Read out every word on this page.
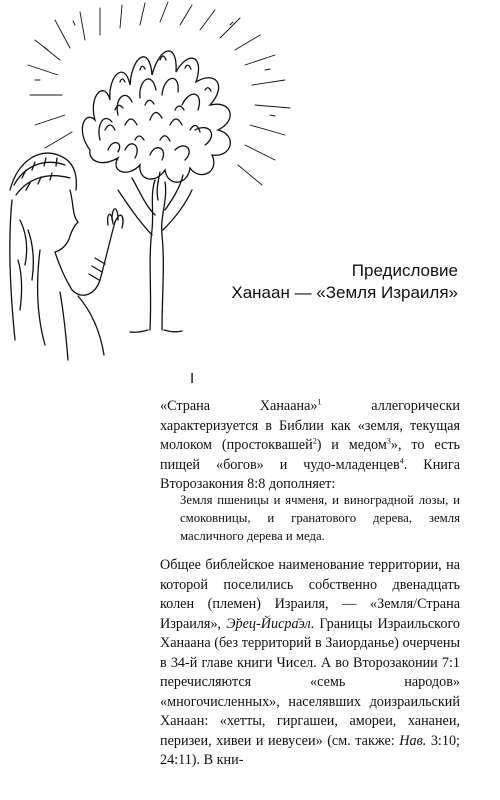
Предисловие
Ханаан — «Земля Израиля»
I

«Страна Ханаана»$^1$ аллегорически характеризуется в Библии как «земля, текущая молоком (простоквашей$^2$) и медом$^3$», то есть пищей «богов» и чудо-младенцев$^4$. Книга Второзакония 8:8 дополняет:

Земля пшеницы и ячменя, и виноградной лозы, и смоковницы, и гранатового дерева, земля масличного дерева и меда.

Общее библейское наименование территории, на которой поселились собственно двенадцать колен (племен) Израиля, — «Земля/Страна Израиля», Э̆рец-Йисра̄эл. Границы Израильского Ханаана (без территорий в Заиорданье) очерчены в 34-й главе книги Чисел. А во Второзаконии 7:1 перечисляются «семь народов» «многочисленных», населявших доизраильский Ханаан: «хетты, гиргашеи, амореи, хананеи, перизеи, хивеи и иевусеи» (см. также: Нав. 3:10; 24:11). В кни-
